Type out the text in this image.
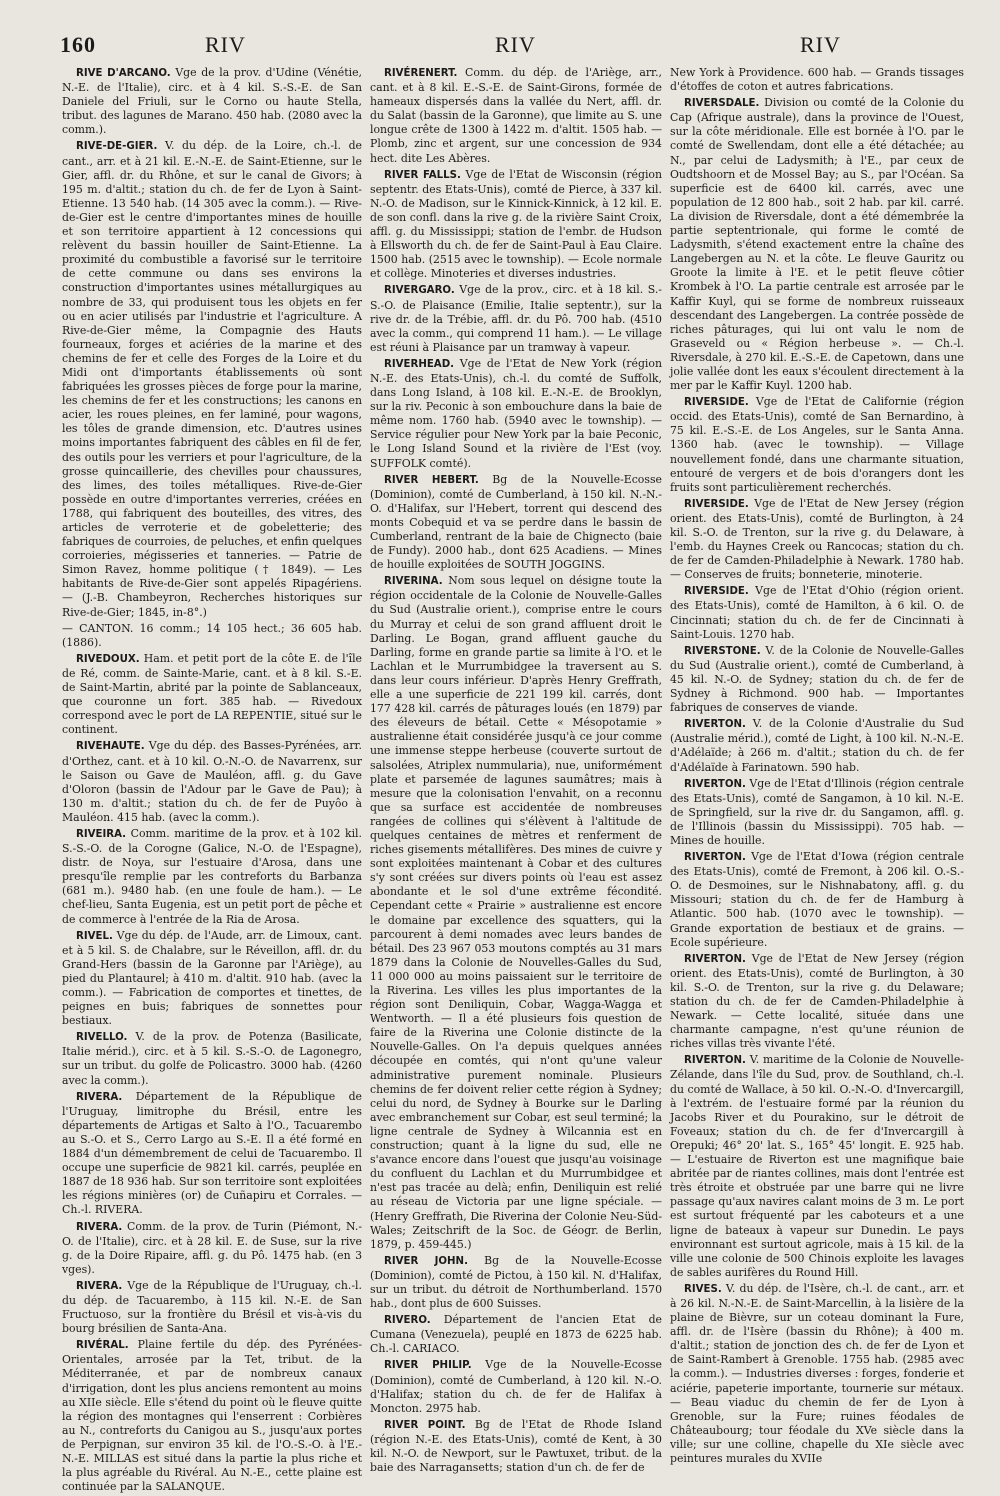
160	RIV	RIV	RIV

RIVE D'ARCANO. Vge de la prov. d'Udine (Vénétie, N.-E. de l'Italie), circ. et à 4 kil. S.-S.-E. de San Daniele del Friuli, sur le Corno ou haute Stella, tribut. des lagunes de Marano. 450 hab. (2080 avec la comm.).

RIVE-DE-GIER. V. du dép. de la Loire, ch.-l. de cant., arr. et à 21 kil. E.-N.-E. de Saint-Etienne, sur le Gier, affl. dr. du Rhône, et sur le canal de Givors; à 195 m. d'altit.; station du ch. de fer de Lyon à Saint-Etienne. 13 540 hab. (14 305 avec la comm.). — Rive-de-Gier est le centre d'importantes mines de houille et son territoire appartient à 12 concessions qui relèvent du bassin houiller de Saint-Etienne. La proximité du combustible a favorisé sur le territoire de cette commune ou dans ses environs la construction d'importantes usines métallurgiques au nombre de 33, qui produisent tous les objets en fer ou en acier utilisés par l'industrie et l'agriculture. A Rive-de-Gier même, la Compagnie des Hauts fourneaux, forges et aciéries de la marine et des chemins de fer et celle des Forges de la Loire et du Midi ont d'importants établissements où sont fabriquées les grosses pièces de forge pour la marine, les chemins de fer et les constructions; les canons en acier, les roues pleines, en fer laminé, pour wagons, les tôles de grande dimension, etc. D'autres usines moins importantes fabriquent des câbles en fil de fer, des outils pour les verriers et pour l'agriculture, de la grosse quincaillerie, des chevilles pour chaussures, des limes, des toiles métalliques. Rive-de-Gier possède en outre d'importantes verreries, créées en 1788, qui fabriquent des bouteilles, des vitres, des articles de verroterie et de gobeletterie; des fabriques de courroies, de peluches, et enfin quelques corroieries, mégisseries et tanneries. — Patrie de Simon Ravez, homme politique († 1849). — Les habitants de Rive-de-Gier sont appelés Ripagériens. — (J.-B. Chambeyron, Recherches historiques sur Rive-de-Gier; 1845, in-8°.)

— CANTON. 16 comm.; 14 105 hect.; 36 605 hab. (1886).

RIVEDOUX. Ham. et petit port de la côte E. de l'île de Ré, comm. de Sainte-Marie, cant. et à 8 kil. S.-E. de Saint-Martin, abrité par la pointe de Sablanceaux, que couronne un fort. 385 hab. — Rivedoux correspond avec le port de LA REPENTIE, situé sur le continent.

RIVEHAUTE. Vge du dép. des Basses-Pyrénées, arr. d'Orthez, cant. et à 10 kil. O.-N.-O. de Navarrenx, sur le Saison ou Gave de Mauléon, affl. g. du Gave d'Oloron (bassin de l'Adour par le Gave de Pau); à 130 m. d'altit.; station du ch. de fer de Puyôo à Mauléon. 415 hab. (avec la comm.).

RIVEIRA. Comm. maritime de la prov. et à 102 kil. S.-S.-O. de la Corogne (Galice, N.-O. de l'Espagne), distr. de Noya, sur l'estuaire d'Arosa, dans une presqu'île remplie par les contreforts du Barbanza (681 m.). 9480 hab. (en une foule de ham.). — Le chef-lieu, Santa Eugenia, est un petit port de pêche et de commerce à l'entrée de la Ria de Arosa.

RIVEL. Vge du dép. de l'Aude, arr. de Limoux, cant. et à 5 kil. S. de Chalabre, sur le Réveillon, affl. dr. du Grand-Hers (bassin de la Garonne par l'Ariège), au pied du Plantaurel; à 410 m. d'altit. 910 hab. (avec la comm.). — Fabrication de comportes et tinettes, de peignes en buis; fabriques de sonnettes pour bestiaux.

RIVELLO. V. de la prov. de Potenza (Basilicate, Italie mérid.), circ. et à 5 kil. S.-S.-O. de Lagonegro, sur un tribut. du golfe de Policastro. 3000 hab. (4260 avec la comm.).

RIVERA. Département de la République de l'Uruguay, limitrophe du Brésil, entre les départements de Artigas et Salto à l'O., Tacuarembo au S.-O. et S., Cerro Largo au S.-E. Il a été formé en 1884 d'un démembrement de celui de Tacuarembo. Il occupe une superficie de 9821 kil. carrés, peuplée en 1887 de 18 936 hab. Sur son territoire sont exploitées les régions minières (or) de Cuñapiru et Corrales. — Ch.-l. RIVERA.

RIVERA. Comm. de la prov. de Turin (Piémont, N.-O. de l'Italie), circ. et à 28 kil. E. de Suse, sur la rive g. de la Doire Ripaire, affl. g. du Pô. 1475 hab. (en 3 vges).

RIVERA. Vge de la République de l'Uruguay, ch.-l. du dép. de Tacuarembo, à 115 kil. N.-E. de San Fructuoso, sur la frontière du Brésil et vis-à-vis du bourg brésilien de Santa-Ana.

RIVÉRAL. Plaine fertile du dép. des Pyrénées-Orientales, arrosée par la Tet, tribut. de la Méditerranée, et par de nombreux canaux d'irrigation, dont les plus anciens remontent au moins au XIIe siècle. Elle s'étend du point où le fleuve quitte la région des montagnes qui l'enserrent : Corbières au N., contreforts du Canigou au S., jusqu'aux portes de Perpignan, sur environ 35 kil. de l'O.-S.-O. à l'E.-N.-E. MILLAS est situé dans la partie la plus riche et la plus agréable du Rivéral. Au N.-E., cette plaine est continuée par la SALANQUE.

RIVÉRENERT. Comm. du dép. de l'Ariège, arr., cant. et à 8 kil. E.-S.-E. de Saint-Girons, formée de hameaux dispersés dans la vallée du Nert, affl. dr. du Salat (bassin de la Garonne), que limite au S. une longue crête de 1300 à 1422 m. d'altit. 1505 hab. — Plomb, zinc et argent, sur une concession de 934 hect. dite Les Abères.

RIVER FALLS. Vge de l'Etat de Wisconsin (région septentr. des Etats-Unis), comté de Pierce, à 337 kil. N.-O. de Madison, sur le Kinnick-Kinnick, à 12 kil. E. de son confl. dans la rive g. de la rivière Saint Croix, affl. g. du Mississippi; station de l'embr. de Hudson à Ellsworth du ch. de fer de Saint-Paul à Eau Claire. 1500 hab. (2515 avec le township). — Ecole normale et collège. Minoteries et diverses industries.

RIVERGARO. Vge de la prov., circ. et à 18 kil. S.-S.-O. de Plaisance (Emilie, Italie septentr.), sur la rive dr. de la Trébie, affl. dr. du Pô. 700 hab. (4510 avec la comm., qui comprend 11 ham.). — Le village est réuni à Plaisance par un tramway à vapeur.

RIVERHEAD. Vge de l'Etat de New York (région N.-E. des Etats-Unis), ch.-l. du comté de Suffolk, dans Long Island, à 108 kil. E.-N.-E. de Brooklyn, sur la riv. Peconic à son embouchure dans la baie de même nom. 1760 hab. (5940 avec le township). — Service régulier pour New York par la baie Peconic, le Long Island Sound et la rivière de l'Est (voy. SUFFOLK comté).

RIVER HEBERT. Bg de la Nouvelle-Ecosse (Dominion), comté de Cumberland, à 150 kil. N.-N.-O. d'Halifax, sur l'Hebert, torrent qui descend des monts Cobequid et va se perdre dans le bassin de Cumberland, rentrant de la baie de Chignecto (baie de Fundy). 2000 hab., dont 625 Acadiens. — Mines de houille exploitées de SOUTH JOGGINS.

RIVERINA. Nom sous lequel on désigne toute la région occidentale de la Colonie de Nouvelle-Galles du Sud (Australie orient.), comprise entre le cours du Murray et celui de son grand affluent droit le Darling. Le Bogan, grand affluent gauche du Darling, forme en grande partie sa limite à l'O. et le Lachlan et le Murrumbidgee la traversent au S. dans leur cours inférieur. D'après Henry Greffrath, elle a une superficie de 221 199 kil. carrés, dont 177 428 kil. carrés de pâturages loués (en 1879) par des éleveurs de bétail. Cette « Mésopotamie » australienne était considérée jusqu'à ce jour comme une immense steppe herbeuse (couverte surtout de salsolées, Atriplex nummularia), nue, uniformément plate et parsemée de lagunes saumâtres; mais à mesure que la colonisation l'envahit, on a reconnu que sa surface est accidentée de nombreuses rangées de collines qui s'élèvent à l'altitude de quelques centaines de mètres et renferment de riches gisements métallifères. Des mines de cuivre y sont exploitées maintenant à Cobar et des cultures s'y sont créées sur divers points où l'eau est assez abondante et le sol d'une extrême fécondité. Cependant cette « Prairie » australienne est encore le domaine par excellence des squatters, qui la parcourent à demi nomades avec leurs bandes de bétail. Des 23 967 053 moutons comptés au 31 mars 1879 dans la Colonie de Nouvelles-Galles du Sud, 11 000 000 au moins paissaient sur le territoire de la Riverina. Les villes les plus importantes de la région sont Deniliquin, Cobar, Wagga-Wagga et Wentworth. — Il a été plusieurs fois question de faire de la Riverina une Colonie distincte de la Nouvelle-Galles. On l'a depuis quelques années découpée en comtés, qui n'ont qu'une valeur administrative purement nominale. Plusieurs chemins de fer doivent relier cette région à Sydney; celui du nord, de Sydney à Bourke sur le Darling avec embranchement sur Cobar, est seul terminé; la ligne centrale de Sydney à Wilcannia est en construction; quant à la ligne du sud, elle ne s'avance encore dans l'ouest que jusqu'au voisinage du confluent du Lachlan et du Murrumbidgee et n'est pas tracée au delà; enfin, Deniliquin est relié au réseau de Victoria par une ligne spéciale. — (Henry Greffrath, Die Riverina der Colonie Neu-Süd-Wales; Zeitschrift de la Soc. de Géogr. de Berlin, 1879, p. 459-445.)

RIVER JOHN. Bg de la Nouvelle-Ecosse (Dominion), comté de Pictou, à 150 kil. N. d'Halifax, sur un tribut. du détroit de Northumberland. 1570 hab., dont plus de 600 Suisses.

RIVERO. Département de l'ancien Etat de Cumana (Venezuela), peuplé en 1873 de 6225 hab. Ch.-l. CARIACO.

RIVER PHILIP. Vge de la Nouvelle-Ecosse (Dominion), comté de Cumberland, à 120 kil. N.-O. d'Halifax; station du ch. de fer de Halifax à Moncton. 2975 hab.

RIVER POINT. Bg de l'Etat de Rhode Island (région N.-E. des Etats-Unis), comté de Kent, à 30 kil. N.-O. de Newport, sur le Pawtuxet, tribut. de la baie des Narragansetts; station d'un ch. de fer de

New York à Providence. 600 hab. — Grands tissages d'étoffes de coton et autres fabrications.

RIVERSDALE. Division ou comté de la Colonie du Cap (Afrique australe), dans la province de l'Ouest, sur la côte méridionale. Elle est bornée à l'O. par le comté de Swellendam, dont elle a été détachée; au N., par celui de Ladysmith; à l'E., par ceux de Oudtshoorn et de Mossel Bay; au S., par l'Océan. Sa superficie est de 6400 kil. carrés, avec une population de 12 800 hab., soit 2 hab. par kil. carré. La division de Riversdale, dont a été démembrée la partie septentrionale, qui forme le comté de Ladysmith, s'étend exactement entre la chaîne des Langebergen au N. et la côte. Le fleuve Gauritz ou Groote la limite à l'E. et le petit fleuve côtier Krombek à l'O. La partie centrale est arrosée par le Kaffir Kuyl, qui se forme de nombreux ruisseaux descendant des Langebergen. La contrée possède de riches pâturages, qui lui ont valu le nom de Graseveld ou « Région herbeuse ». — Ch.-l. Riversdale, à 270 kil. E.-S.-E. de Capetown, dans une jolie vallée dont les eaux s'écoulent directement à la mer par le Kaffir Kuyl. 1200 hab.

RIVERSIDE. Vge de l'Etat de Californie (région occid. des Etats-Unis), comté de San Bernardino, à 75 kil. E.-S.-E. de Los Angeles, sur le Santa Anna. 1360 hab. (avec le township). — Village nouvellement fondé, dans une charmante situation, entouré de vergers et de bois d'orangers dont les fruits sont particulièrement recherchés.

RIVERSIDE. Vge de l'Etat de New Jersey (région orient. des Etats-Unis), comté de Burlington, à 24 kil. S.-O. de Trenton, sur la rive g. du Delaware, à l'emb. du Haynes Creek ou Rancocas; station du ch. de fer de Camden-Philadelphie à Newark. 1780 hab. — Conserves de fruits; bonneterie, minoterie.

RIVERSIDE. Vge de l'Etat d'Ohio (région orient. des Etats-Unis), comté de Hamilton, à 6 kil. O. de Cincinnati; station du ch. de fer de Cincinnati à Saint-Louis. 1270 hab.

RIVERSTONE. V. de la Colonie de Nouvelle-Galles du Sud (Australie orient.), comté de Cumberland, à 45 kil. N.-O. de Sydney; station du ch. de fer de Sydney à Richmond. 900 hab. — Importantes fabriques de conserves de viande.

RIVERTON. V. de la Colonie d'Australie du Sud (Australie mérid.), comté de Light, à 100 kil. N.-N.-E. d'Adélaïde; à 266 m. d'altit.; station du ch. de fer d'Adélaïde à Farinatown. 590 hab.

RIVERTON. Vge de l'Etat d'Illinois (région centrale des Etats-Unis), comté de Sangamon, à 10 kil. N.-E. de Springfield, sur la rive dr. du Sangamon, affl. g. de l'Illinois (bassin du Mississippi). 705 hab. — Mines de houille.

RIVERTON. Vge de l'Etat d'Iowa (région centrale des Etats-Unis), comté de Fremont, à 206 kil. O.-S.-O. de Desmoines, sur le Nishnabatony, affl. g. du Missouri; station du ch. de fer de Hamburg à Atlantic. 500 hab. (1070 avec le township). — Grande exportation de bestiaux et de grains. — Ecole supérieure.

RIVERTON. Vge de l'Etat de New Jersey (région orient. des Etats-Unis), comté de Burlington, à 30 kil. S.-O. de Trenton, sur la rive g. du Delaware; station du ch. de fer de Camden-Philadelphie à Newark. — Cette localité, située dans une charmante campagne, n'est qu'une réunion de riches villas très vivante l'été.

RIVERTON. V. maritime de la Colonie de Nouvelle-Zélande, dans l'île du Sud, prov. de Southland, ch.-l. du comté de Wallace, à 50 kil. O.-N.-O. d'Invercargill, à l'extrém. de l'estuaire formé par la réunion du Jacobs River et du Pourakino, sur le détroit de Foveaux; station du ch. de fer d'Invercargill à Orepuki; 46° 20' lat. S., 165° 45' longit. E. 925 hab. — L'estuaire de Riverton est une magnifique baie abritée par de riantes collines, mais dont l'entrée est très étroite et obstruée par une barre qui ne livre passage qu'aux navires calant moins de 3 m. Le port est surtout fréquenté par les caboteurs et a une ligne de bateaux à vapeur sur Dunedin. Le pays environnant est surtout agricole, mais à 15 kil. de la ville une colonie de 500 Chinois exploite les lavages de sables aurifères du Round Hill.

RIVES. V. du dép. de l'Isère, ch.-l. de cant., arr. et à 26 kil. N.-N.-E. de Saint-Marcellin, à la lisière de la plaine de Bièvre, sur un coteau dominant la Fure, affl. dr. de l'Isère (bassin du Rhône); à 400 m. d'altit.; station de jonction des ch. de fer de Lyon et de Saint-Rambert à Grenoble. 1755 hab. (2985 avec la comm.). — Industries diverses : forges, fonderie et aciérie, papeterie importante, tournerie sur métaux. — Beau viaduc du chemin de fer de Lyon à Grenoble, sur la Fure; ruines féodales de Châteaubourg; tour féodale du XVe siècle dans la ville; sur une colline, chapelle du XIe siècle avec peintures murales du XVIIe
